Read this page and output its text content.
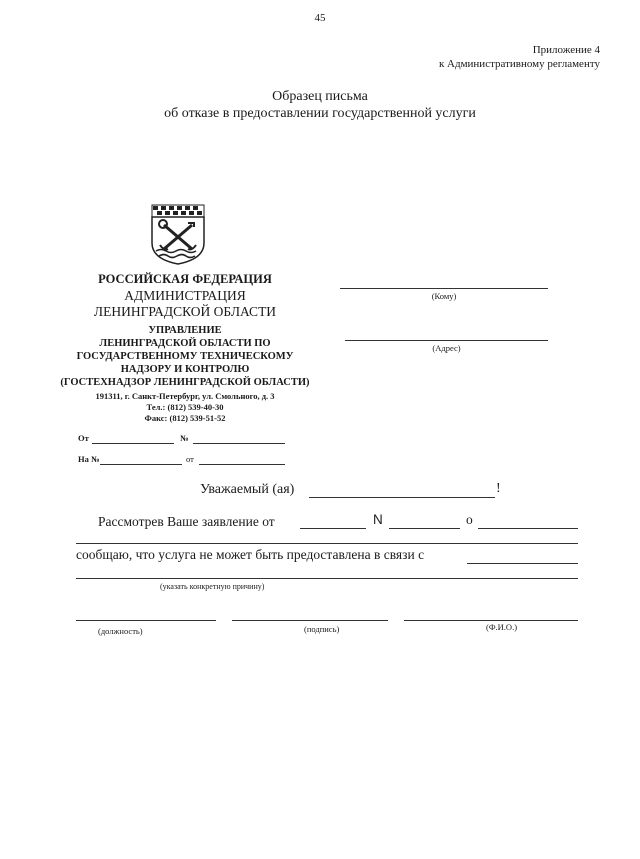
45
Приложение 4
к Административному регламенту
Образец письма
об отказе в предоставлении государственной услуги
РОССИЙСКАЯ ФЕДЕРАЦИЯ
АДМИНИСТРАЦИЯ
ЛЕНИНГРАДСКОЙ ОБЛАСТИ
УПРАВЛЕНИЕ
ЛЕНИНГРАДСКОЙ ОБЛАСТИ ПО
ГОСУДАРСТВЕННОМУ ТЕХНИЧЕСКОМУ
НАДЗОРУ И КОНТРОЛЮ
(ГОСТЕХНАДЗОР ЛЕНИНГРАДСКОЙ ОБЛАСТИ)
191311, г. Санкт-Петербург, ул. Смольного, д. 3
Тел.: (812) 539-40-30
Факс: (812) 539-51-52
(Кому)
(Адрес)
От	№
На №	от
Уважаемый (ая)	!
Рассмотрев Ваше заявление от	N	о
сообщаю, что услуга не может быть предоставлена в связи с
(указать конкретную причину)
(должность)	(подпись)	(Ф.И.О.)
